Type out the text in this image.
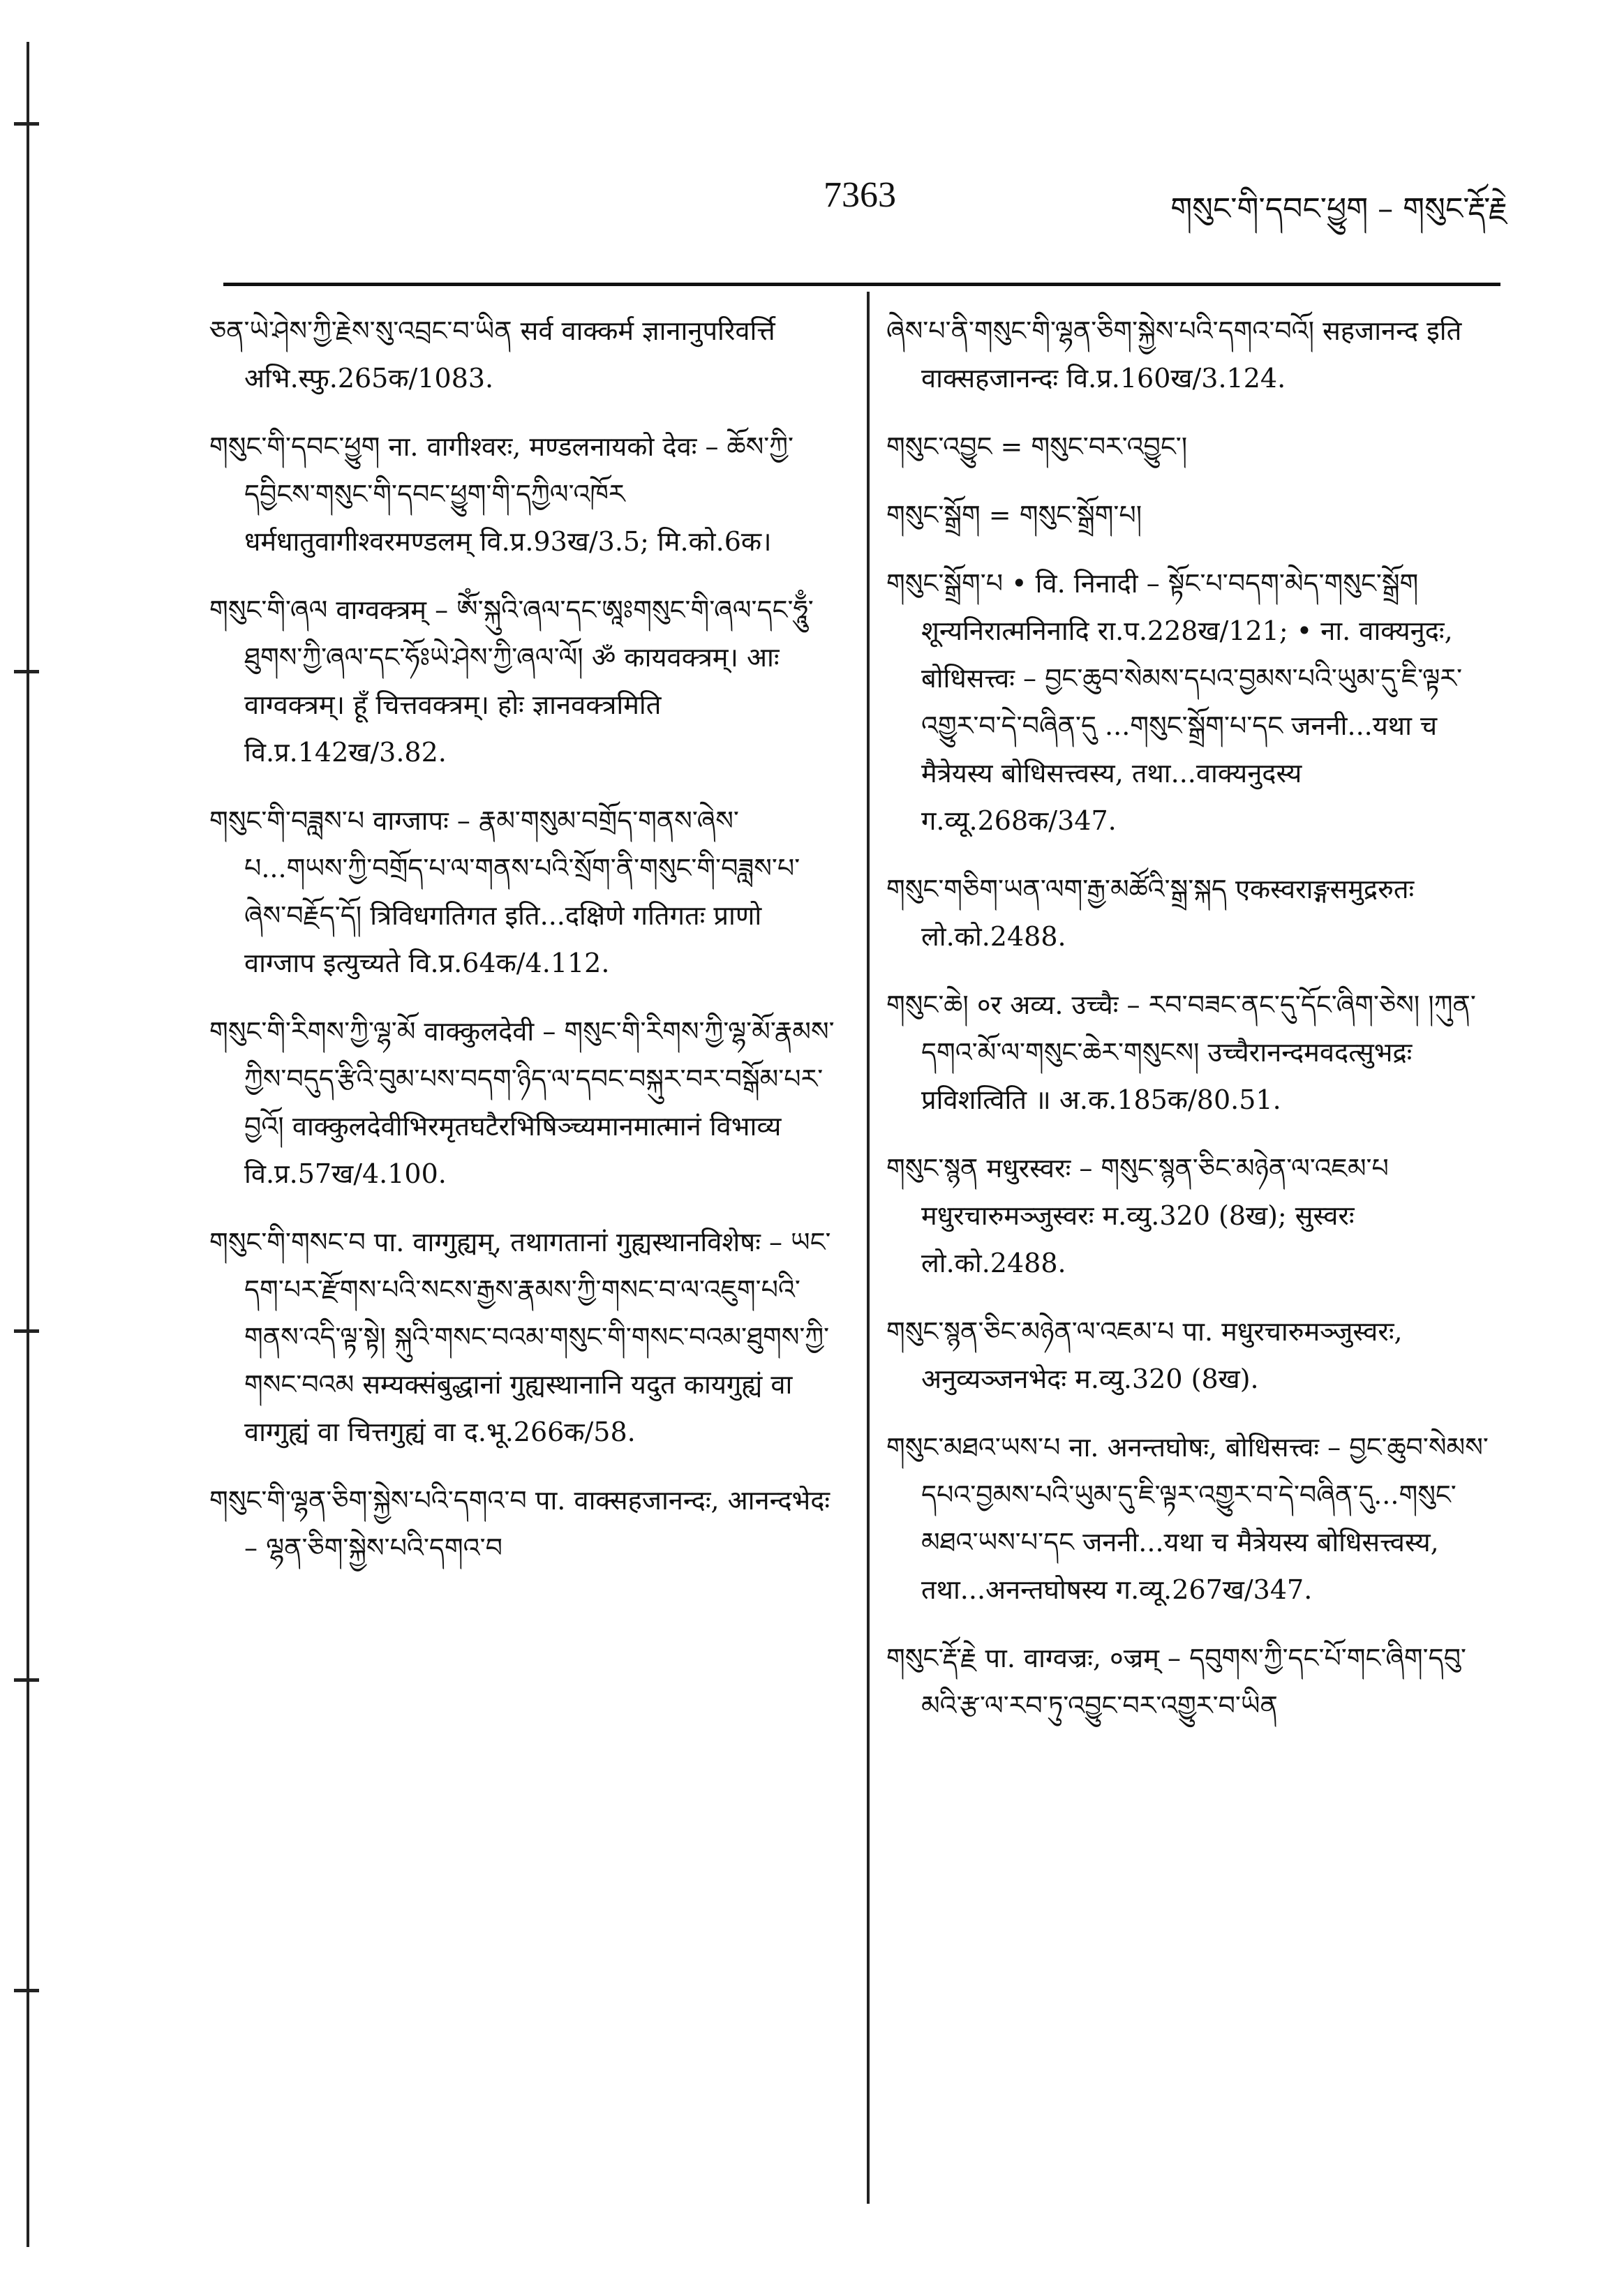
7363	གསུང་གི་དབང་ཕྱུག – གསུང་རྡོ་རྗེ

ཅན་ཡེ་ཤེས་ཀྱི་རྗེས་སུ་འབྲང་བ་ཡིན सर्व वाक्कर्म ज्ञानानुपरिवर्त्ति अभि.स्फु.265क/1083.

གསུང་གི་དབང་ཕྱུག ना. वागीश्वरः, मण्डलनायको देवः – ཆོས་ཀྱི་དབྱིངས་གསུང་གི་དབང་ཕྱུག་གི་དཀྱིལ་འཁོར धर्मधातुवागीश्वरमण्डलम् वि.प्र.93ख/3.5; मि.को.6क।

གསུང་གི་ཞལ वाग्वक्त्रम् – ཨོཾ་སྐུའི་ཞལ་དང་ཨཱཿགསུང་གི་ཞལ་དང་ཧཱུྃ་ཐུགས་ཀྱི་ཞལ་དང་ཧོཿཡེ་ཤེས་ཀྱི་ཞལ་ལོ། ॐ कायवक्त्रम्। आः वाग्वक्त्रम्। हूँ चित्तवक्त्रम्। होः ज्ञानवक्त्रमिति वि.प्र.142ख/3.82.

གསུང་གི་བཟླས་པ वाग्जापः – རྣམ་གསུམ་བགྲོད་གནས་ཞེས་པ...གཡས་ཀྱི་བགྲོད་པ་ལ་གནས་པའི་སྲོག་ནི་གསུང་གི་བཟླས་པ་ཞེས་བརྗོད་དོ། त्रिविधगतिगत इति...दक्षिणे गतिगतः प्राणो वाग्जाप इत्युच्यते वि.प्र.64क/4.112.

གསུང་གི་རིགས་ཀྱི་ལྷ་མོ वाक्कुलदेवी – གསུང་གི་རིགས་ཀྱི་ལྷ་མོ་རྣམས་ཀྱིས་བདུད་རྩིའི་བུམ་པས་བདག་ཉིད་ལ་དབང་བསྐུར་བར་བསྒོམ་པར་བྱའོ། वाक्कुलदेवीभिरमृतघटैरभिषिञ्च्यमानमात्मानं विभाव्य वि.प्र.57ख/4.100.

གསུང་གི་གསང་བ पा. वाग्गुह्यम्, तथागतानां गुह्यस्थानविशेषः – ཡང་དག་པར་རྫོགས་པའི་སངས་རྒྱས་རྣམས་ཀྱི་གསང་བ་ལ་འཇུག་པའི་གནས་འདི་ལྟ་སྟེ། སྐུའི་གསང་བའམ་གསུང་གི་གསང་བའམ་ཐུགས་ཀྱི་གསང་བའམ सम्यक्संबुद्धानां गुह्यस्थानानि यदुत कायगुह्यं वा वाग्गुह्यं वा चित्तगुह्यं वा द.भू.266क/58.

གསུང་གི་ལྷན་ཅིག་སྐྱེས་པའི་དགའ་བ पा. वाक्सहजानन्दः, आनन्दभेदः – ལྷན་ཅིག་སྐྱེས་པའི་དགའ་བ

ཞེས་པ་ནི་གསུང་གི་ལྷན་ཅིག་སྐྱེས་པའི་དགའ་བའོ། सहजानन्द इति वाक्सहजानन्दः वि.प्र.160ख/3.124.

གསུང་འབྱུང = གསུང་བར་འབྱུང་།

གསུང་སྒྲོག = གསུང་སྒྲོག་པ།

གསུང་སྒྲོག་པ • वि. निनादी – སྟོང་པ་བདག་མེད་གསུང་སྒྲོག शून्यनिरात्मनिनादि रा.प.228ख/121; • ना. वाक्यनुदः, बोधिसत्त्वः – བྱང་ཆུབ་སེམས་དཔའ་བྱམས་པའི་ཡུམ་དུ་ཇི་ལྟར་འགྱུར་བ་དེ་བཞིན་དུ ...གསུང་སྒྲོག་པ་དང जननी...यथा च मैत्रेयस्य बोधिसत्त्वस्य, तथा...वाक्यनुदस्य ग.व्यू.268क/347.

གསུང་གཅིག་ཡན་ལག་རྒྱ་མཚོའི་སྒྲ་སྐད एकस्वराङ्गसमुद्ररुतः लो.को.2488.

གསུང་ཆེ། ०र अव्य. उच्चैः – རབ་བཟང་ནང་དུ་དོང་ཞིག་ཅེས། །ཀུན་དགའ་མོ་ལ་གསུང་ཆེར་གསུངས། उच्चैरानन्दमवदत्सुभद्रः प्रविशत्विति ॥ अ.क.185क/80.51.

གསུང་སྙན मधुरस्वरः – གསུང་སྙན་ཅིང་མཉེན་ལ་འཇམ་པ मधुरचारुमञ्जुस्वरः म.व्यु.320 (8ख); सुस्वरः लो.को.2488.

གསུང་སྙན་ཅིང་མཉེན་ལ་འཇམ་པ पा. मधुरचारुमञ्जुस्वरः, अनुव्यञ्जनभेदः म.व्यु.320 (8ख).

གསུང་མཐའ་ཡས་པ ना. अनन्तघोषः, बोधिसत्त्वः – བྱང་ཆུབ་སེམས་དཔའ་བྱམས་པའི་ཡུམ་དུ་ཇི་ལྟར་འགྱུར་བ་དེ་བཞིན་དུ...གསུང་མཐའ་ཡས་པ་དང जननी...यथा च मैत्रेयस्य बोधिसत्त्वस्य, तथा...अनन्तघोषस्य ग.व्यू.267ख/347.

གསུང་རྡོ་རྗེ पा. वाग्वज्रः, ०ज्रम् – དབུགས་ཀྱི་དང་པོ་གང་ཞིག་དབུ་མའི་རྩ་ལ་རབ་ཏུ་འབྱུང་བར་འགྱུར་བ་ཡིན
